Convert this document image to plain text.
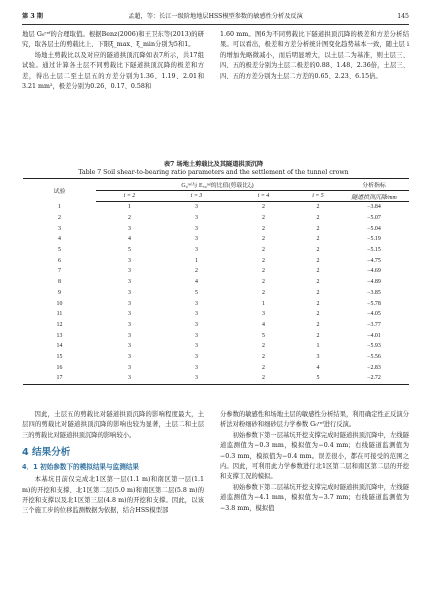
第 3 期	孟超，等：长江一级阶地地层HSS模型参数的敏感性分析及反演	145

地层 G₀ʳᵉᶠ的合理取值。根据Benz(2006)和王卫东等(2013)的研究，取各层土的剪载比上、下限ξ_max、ξ_min分别为5和1。

场地土剪载比以及对应的隧道拱顶沉降如表7所示，共17组试验。通过计算各土层不同剪载比下隧道拱顶沉降的极差和方差，得出土层二至土层五的方差分别为1.36、1.19、2.01和3.21 mm²，极差分别为0.26、0.17、0.58和

1.60 mm。图6为不同剪载比下隧道拱顶沉降的极差和方差分析结果。可以看出，极差和方差分析统计图变化趋势基本一致，随土层 i 的增加先略微减小，而后明显增大，以土层二为基准，则土层三、四、五的极差分别为土层二极差的0.88、1.48、2.36倍，土层三、四、五的方差分别为土层二方差的0.65、2.23、6.15倍。

表7 场地土剪载比及其隧道拱顶沉降
Table 7 Soil shear-to-bearing ratio parameters and the settlement of the tunnel crown
试验	G₀ʳᵉᶠ与 E₅₀ʳᵉᶠ的比值(剪载比ξᵢ)				分析指标
	i = 2	i = 3	i = 4	i = 5	隧道拱顶沉降/mm
1	1	3	2	2	−3.84
2	2	3	2	2	−5.07
3	3	3	2	2	−5.04
4	4	3	2	2	−5.19
5	5	3	2	2	−5.15
6	3	1	2	2	−4.75
7	3	2	2	2	−4.69
8	3	4	2	2	−4.89
9	3	5	2	2	−3.85
10	3	3	1	2	−5.78
11	3	3	3	2	−4.05
12	3	3	4	2	−3.77
13	3	3	5	2	−4.01
14	3	3	2	1	−5.93
15	3	3	2	3	−5.56
16	3	3	2	4	−2.83
17	3	3	2	5	−2.72

因此，土层五的剪载比对隧道拱顶沉降的影响程度最大，土层四的剪载比对隧道拱顶沉降的影响也较为显著，土层二和土层三的剪载比对隧道拱顶沉降的影响较小。

4 结果分析
4．1 初始参数下的模拟结果与监测结果

本基坑目前仅完成北1区第一层(1.1 m)和南区第一层(1.1 m)的开挖和支撑、北1区第二层(5.0 m)和南区第二层(5.8 m)的开挖和支撑以及北1区第三层(4.8 m)的开挖和支撑。因此，以该三个施工步的位移监测数据为依据，结合HSS模型部

分参数的敏感性和场地土层的敏感性分析结果，利用确定性正反演分析法对粉细砂和细砂层力学参数 G₀ʳᵉᶠ进行反演。

初始参数下第一层基坑开挖支撑完成时隧道拱顶沉降中，左线隧道监测值为−0.3 mm，模拟值为−0.4 mm；右线隧道监测值为−0.3 mm，模拟值为−0.4 mm。误差很小，都在可接受的范围之内。因此，可利用此力学参数进行北1区第二层和南区第二层的开挖和支撑工况的模拟。

初始参数下第二层基坑开挖支撑完成时隧道拱顶沉降中，左线隧道监测值为−4.1 mm，模拟值为−3.7 mm；右线隧道监测值为−3.8 mm，模拟值
